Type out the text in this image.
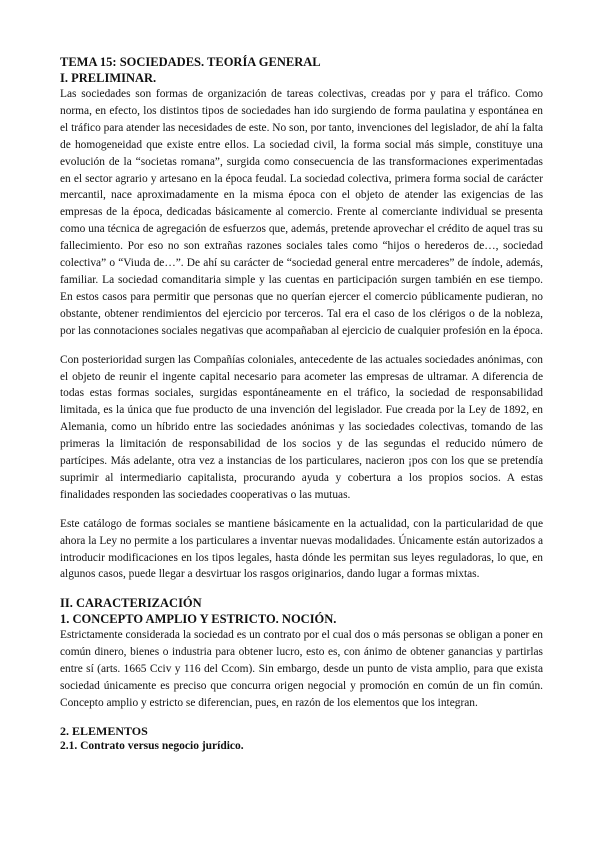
TEMA 15: SOCIEDADES. TEORÍA GENERAL

I. PRELIMINAR.

Las sociedades son formas de organización de tareas colectivas, creadas por y para el tráfico. Como norma, en efecto, los distintos tipos de sociedades han ido surgiendo de forma paulatina y espontánea en el tráfico para atender las necesidades de este. No son, por tanto, invenciones del legislador, de ahí la falta de homogeneidad que existe entre ellos. La sociedad civil, la forma social más simple, constituye una evolución de la “societas romana”, surgida como consecuencia de las transformaciones experimentadas en el sector agrario y artesano en la época feudal. La sociedad colectiva, primera forma social de carácter mercantil, nace aproximadamente en la misma época con el objeto de atender las exigencias de las empresas de la época, dedicadas básicamente al comercio. Frente al comerciante individual se presenta como una técnica de agregación de esfuerzos que, además, pretende aprovechar el crédito de aquel tras su fallecimiento. Por eso no son extrañas razones sociales tales como “hijos o herederos de…, sociedad colectiva” o “Viuda de…”. De ahí su carácter de “sociedad general entre mercaderes” de índole, además, familiar. La sociedad comanditaria simple y las cuentas en participación surgen también en ese tiempo. En estos casos para permitir que personas que no querían ejercer el comercio públicamente pudieran, no obstante, obtener rendimientos del ejercicio por terceros. Tal era el caso de los clérigos o de la nobleza, por las connotaciones sociales negativas que acompañaban al ejercicio de cualquier profesión en la época.

Con posterioridad surgen las Compañías coloniales, antecedente de las actuales sociedades anónimas, con el objeto de reunir el ingente capital necesario para acometer las empresas de ultramar. A diferencia de todas estas formas sociales, surgidas espontáneamente en el tráfico, la sociedad de responsabilidad limitada, es la única que fue producto de una invención del legislador. Fue creada por la Ley de 1892, en Alemania, como un híbrido entre las sociedades anónimas y las sociedades colectivas, tomando de las primeras la limitación de responsabilidad de los socios y de las segundas el reducido número de partícipes. Más adelante, otra vez a instancias de los particulares, nacieron ¡pos con los que se pretendía suprimir al intermediario capitalista, procurando ayuda y cobertura a los propios socios. A estas finalidades responden las sociedades cooperativas o las mutuas.

Este catálogo de formas sociales se mantiene básicamente en la actualidad, con la particularidad de que ahora la Ley no permite a los particulares a inventar nuevas modalidades. Únicamente están autorizados a introducir modificaciones en los tipos legales, hasta dónde les permitan sus leyes reguladoras, lo que, en algunos casos, puede llegar a desvirtuar los rasgos originarios, dando lugar a formas mixtas.

II. CARACTERIZACIÓN

1. CONCEPTO AMPLIO Y ESTRICTO. NOCIÓN.

Estrictamente considerada la sociedad es un contrato por el cual dos o más personas se obligan a poner en común dinero, bienes o industria para obtener lucro, esto es, con ánimo de obtener ganancias y partirlas entre sí (arts. 1665 Cciv y 116 del Ccom). Sin embargo, desde un punto de vista amplio, para que exista sociedad únicamente es preciso que concurra origen negocial y promoción en común de un fin común. Concepto amplio y estricto se diferencian, pues, en razón de los elementos que los integran.

2. ELEMENTOS

2.1. Contrato versus negocio jurídico.
